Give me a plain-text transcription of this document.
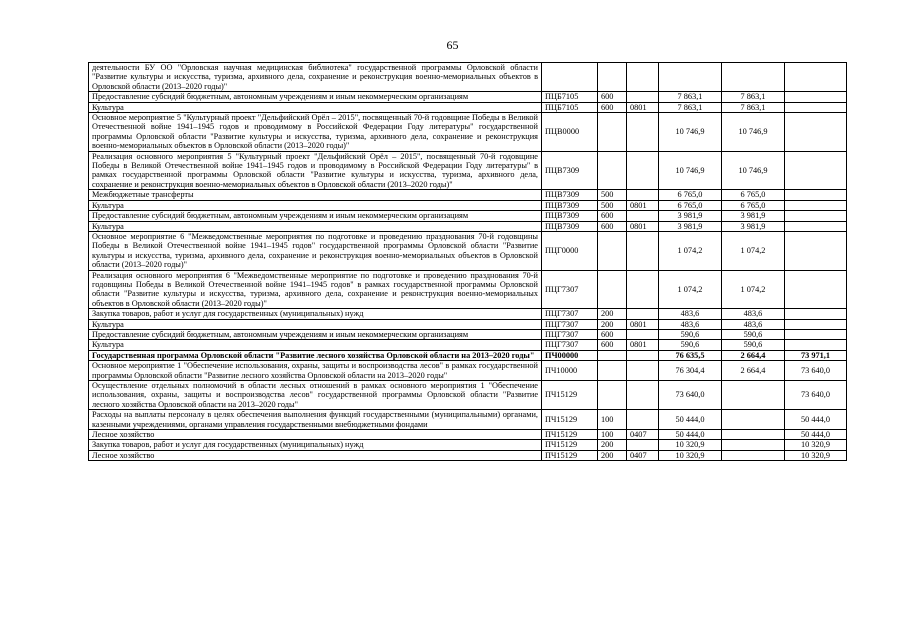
65
деятельности БУ ОО "Орловская научная медицинская библиотека" государственной программы Орловской области "Развитие культуры и искусства, туризма, архивного дела, сохранение и реконструкция военно-мемориальных объектов в Орловской области (2013–2020 годы)"						
Предоставление субсидий бюджетным, автономным учреждениям и иным некоммерческим организациям	ПЦБ7105	600		7 863,1	7 863,1	
Культура	ПЦБ7105	600	0801	7 863,1	7 863,1	
Основное мероприятие 5 "Культурный проект "Дельфийский Орёл – 2015", посвященный 70-й годовщине Победы в Великой Отечественной войне 1941–1945 годов и проводимому в Российской Федерации Году литературы" государственной программы Орловской области "Развитие культуры и искусства, туризма, архивного дела, сохранение и реконструкция военно-мемориальных объектов в Орловской области (2013–2020 годы)"	ПЦВ0000			10 746,9	10 746,9	
Реализация основного мероприятия 5 "Культурный проект "Дельфийский Орёл – 2015", посвященный 70-й годовщине Победы в Великой Отечественной войне 1941–1945 годов и проводимому в Российской Федерации Году литературы" в рамках государственной программы Орловской области "Развитие культуры и искусства, туризма, архивного дела, сохранение и реконструкция военно-мемориальных объектов в Орловской области (2013–2020 годы)"	ПЦВ7309			10 746,9	10 746,9	
Межбюджетные трансферты	ПЦВ7309	500		6 765,0	6 765,0	
Культура	ПЦВ7309	500	0801	6 765,0	6 765,0	
Предоставление субсидий бюджетным, автономным учреждениям и иным некоммерческим организациям	ПЦВ7309	600		3 981,9	3 981,9	
Культура	ПЦВ7309	600	0801	3 981,9	3 981,9	
Основное мероприятие 6 "Межведомственные мероприятия по подготовке и проведению празднования 70-й годовщины Победы в Великой Отечественной войне 1941–1945 годов" государственной программы Орловской области "Развитие культуры и искусства, туризма, архивного дела, сохранение и реконструкция военно-мемориальных объектов в Орловской области (2013–2020 годы)"	ПЦГ0000			1 074,2	1 074,2	
Реализация основного мероприятия 6 "Межведомственные мероприятие по подготовке и проведению празднования 70-й годовщины Победы в Великой Отечественной войне 1941–1945 годов" в рамках государственной программы Орловской области "Развитие культуры и искусства, туризма, архивного дела, сохранение и реконструкция военно-мемориальных объектов в Орловской области (2013–2020 годы)"	ПЦГ7307			1 074,2	1 074,2	
Закупка товаров, работ и услуг для государственных (муниципальных) нужд	ПЦГ7307	200		483,6	483,6	
Культура	ПЦГ7307	200	0801	483,6	483,6	
Предоставление субсидий бюджетным, автономным учреждениям и иным некоммерческим организациям	ПЦГ7307	600		590,6	590,6	
Культура	ПЦГ7307	600	0801	590,6	590,6	
Государственная программа Орловской области "Развитие лесного хозяйства Орловской области на 2013–2020 годы"	ПЧ00000			76 635,5	2 664,4	73 971,1
Основное мероприятие 1 "Обеспечение использования, охраны, защиты и воспроизводства лесов" в рамках государственной программы Орловской области "Развитие лесного хозяйства Орловской области на 2013–2020 годы"	ПЧ10000			76 304,4	2 664,4	73 640,0
Осуществление отдельных полномочий в области лесных отношений в рамках основного мероприятия 1 "Обеспечение использования, охраны, защиты и воспроизводства лесов" государственной программы Орловской области "Развитие лесного хозяйства Орловской области на 2013–2020 годы"	ПЧ15129			73 640,0		73 640,0
Расходы на выплаты персоналу в целях обеспечения выполнения функций государственными (муниципальными) органами, казенными учреждениями, органами управления государственными внебюджетными фондами	ПЧ15129	100		50 444,0		50 444,0
Лесное хозяйство	ПЧ15129	100	0407	50 444,0		50 444,0
Закупка товаров, работ и услуг для государственных (муниципальных) нужд	ПЧ15129	200		10 320,9		10 320,9
Лесное хозяйство	ПЧ15129	200	0407	10 320,9		10 320,9
